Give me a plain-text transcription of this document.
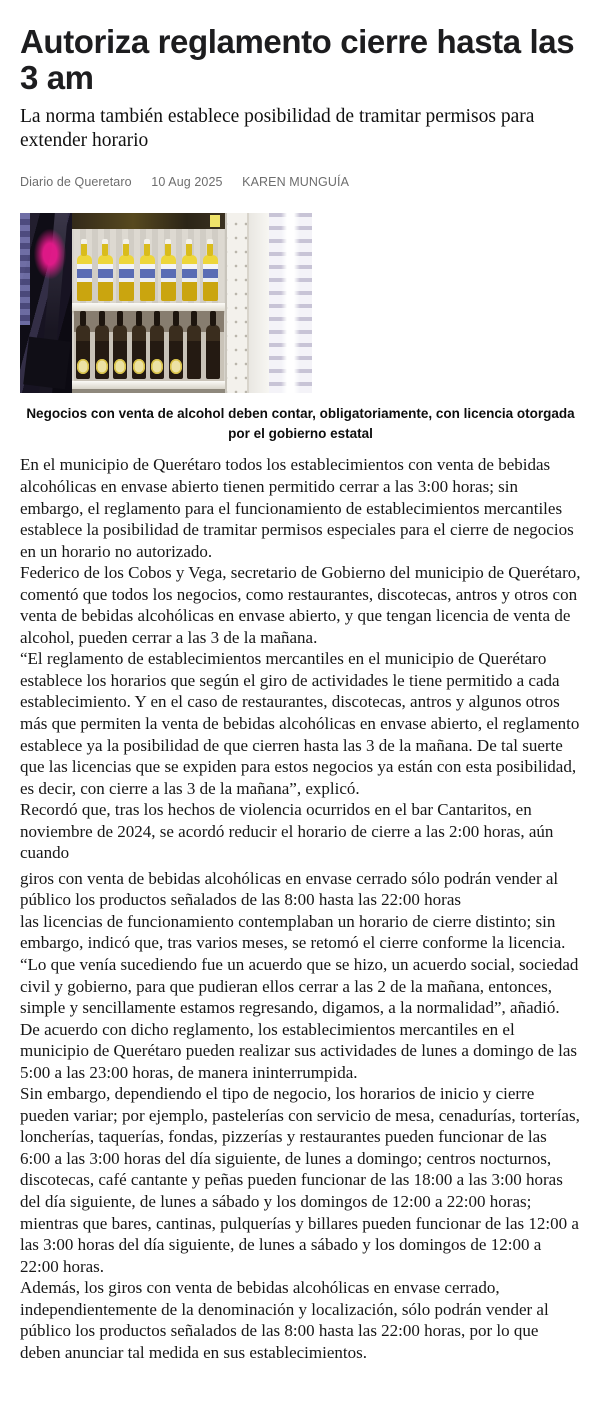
Autoriza reglamento cierre hasta las 3 am

La norma también establece posibilidad de tramitar permisos para extender horario

Diario de Queretaro 10 Aug 2025 KAREN MUNGUÍA

Negocios con venta de alcohol deben contar, obligatoriamente, con licencia otorgada por el gobierno estatal

En el municipio de Querétaro todos los establecimientos con venta de bebidas alcohólicas en envase abierto tienen permitido cerrar a las 3:00 horas; sin embargo, el reglamento para el funcionamiento de establecimientos mercantiles establece la posibilidad de tramitar permisos especiales para el cierre de negocios en un horario no autorizado.

Federico de los Cobos y Vega, secretario de Gobierno del municipio de Querétaro, comentó que todos los negocios, como restaurantes, discotecas, antros y otros con venta de bebidas alcohólicas en envase abierto, y que tengan licencia de venta de alcohol, pueden cerrar a las 3 de la mañana.

“El reglamento de establecimientos mercantiles en el municipio de Querétaro establece los horarios que según el giro de actividades le tiene permitido a cada establecimiento. Y en el caso de restaurantes, discotecas, antros y algunos otros más que permiten la venta de bebidas alcohólicas en envase abierto, el reglamento establece ya la posibilidad de que cierren hasta las 3 de la mañana. De tal suerte que las licencias que se expiden para estos negocios ya están con esta posibilidad, es decir, con cierre a las 3 de la mañana”, explicó.

Recordó que, tras los hechos de violencia ocurridos en el bar Cantaritos, en noviembre de 2024, se acordó reducir el horario de cierre a las 2:00 horas, aún cuando

giros con venta de bebidas alcohólicas en envase cerrado sólo podrán vender al público los productos señalados de las 8:00 hasta las 22:00 horas

las licencias de funcionamiento contemplaban un horario de cierre distinto; sin embargo, indicó que, tras varios meses, se retomó el cierre conforme la licencia.

“Lo que venía sucediendo fue un acuerdo que se hizo, un acuerdo social, sociedad civil y gobierno, para que pudieran ellos cerrar a las 2 de la mañana, entonces, simple y sencillamente estamos regresando, digamos, a la normalidad”, añadió.

De acuerdo con dicho reglamento, los establecimientos mercantiles en el municipio de Querétaro pueden realizar sus actividades de lunes a domingo de las 5:00 a las 23:00 horas, de manera ininterrumpida.

Sin embargo, dependiendo el tipo de negocio, los horarios de inicio y cierre pueden variar; por ejemplo, pastelerías con servicio de mesa, cenadurías, torterías, loncherías, taquerías, fondas, pizzerías y restaurantes pueden funcionar de las 6:00 a las 3:00 horas del día siguiente, de lunes a domingo; centros nocturnos, discotecas, café cantante y peñas pueden funcionar de las 18:00 a las 3:00 horas del día siguiente, de lunes a sábado y los domingos de 12:00 a 22:00 horas; mientras que bares, cantinas, pulquerías y billares pueden funcionar de las 12:00 a las 3:00 horas del día siguiente, de lunes a sábado y los domingos de 12:00 a 22:00 horas.

Además, los giros con venta de bebidas alcohólicas en envase cerrado, independientemente de la denominación y localización, sólo podrán vender al público los productos señalados de las 8:00 hasta las 22:00 horas, por lo que deben anunciar tal medida en sus establecimientos.
